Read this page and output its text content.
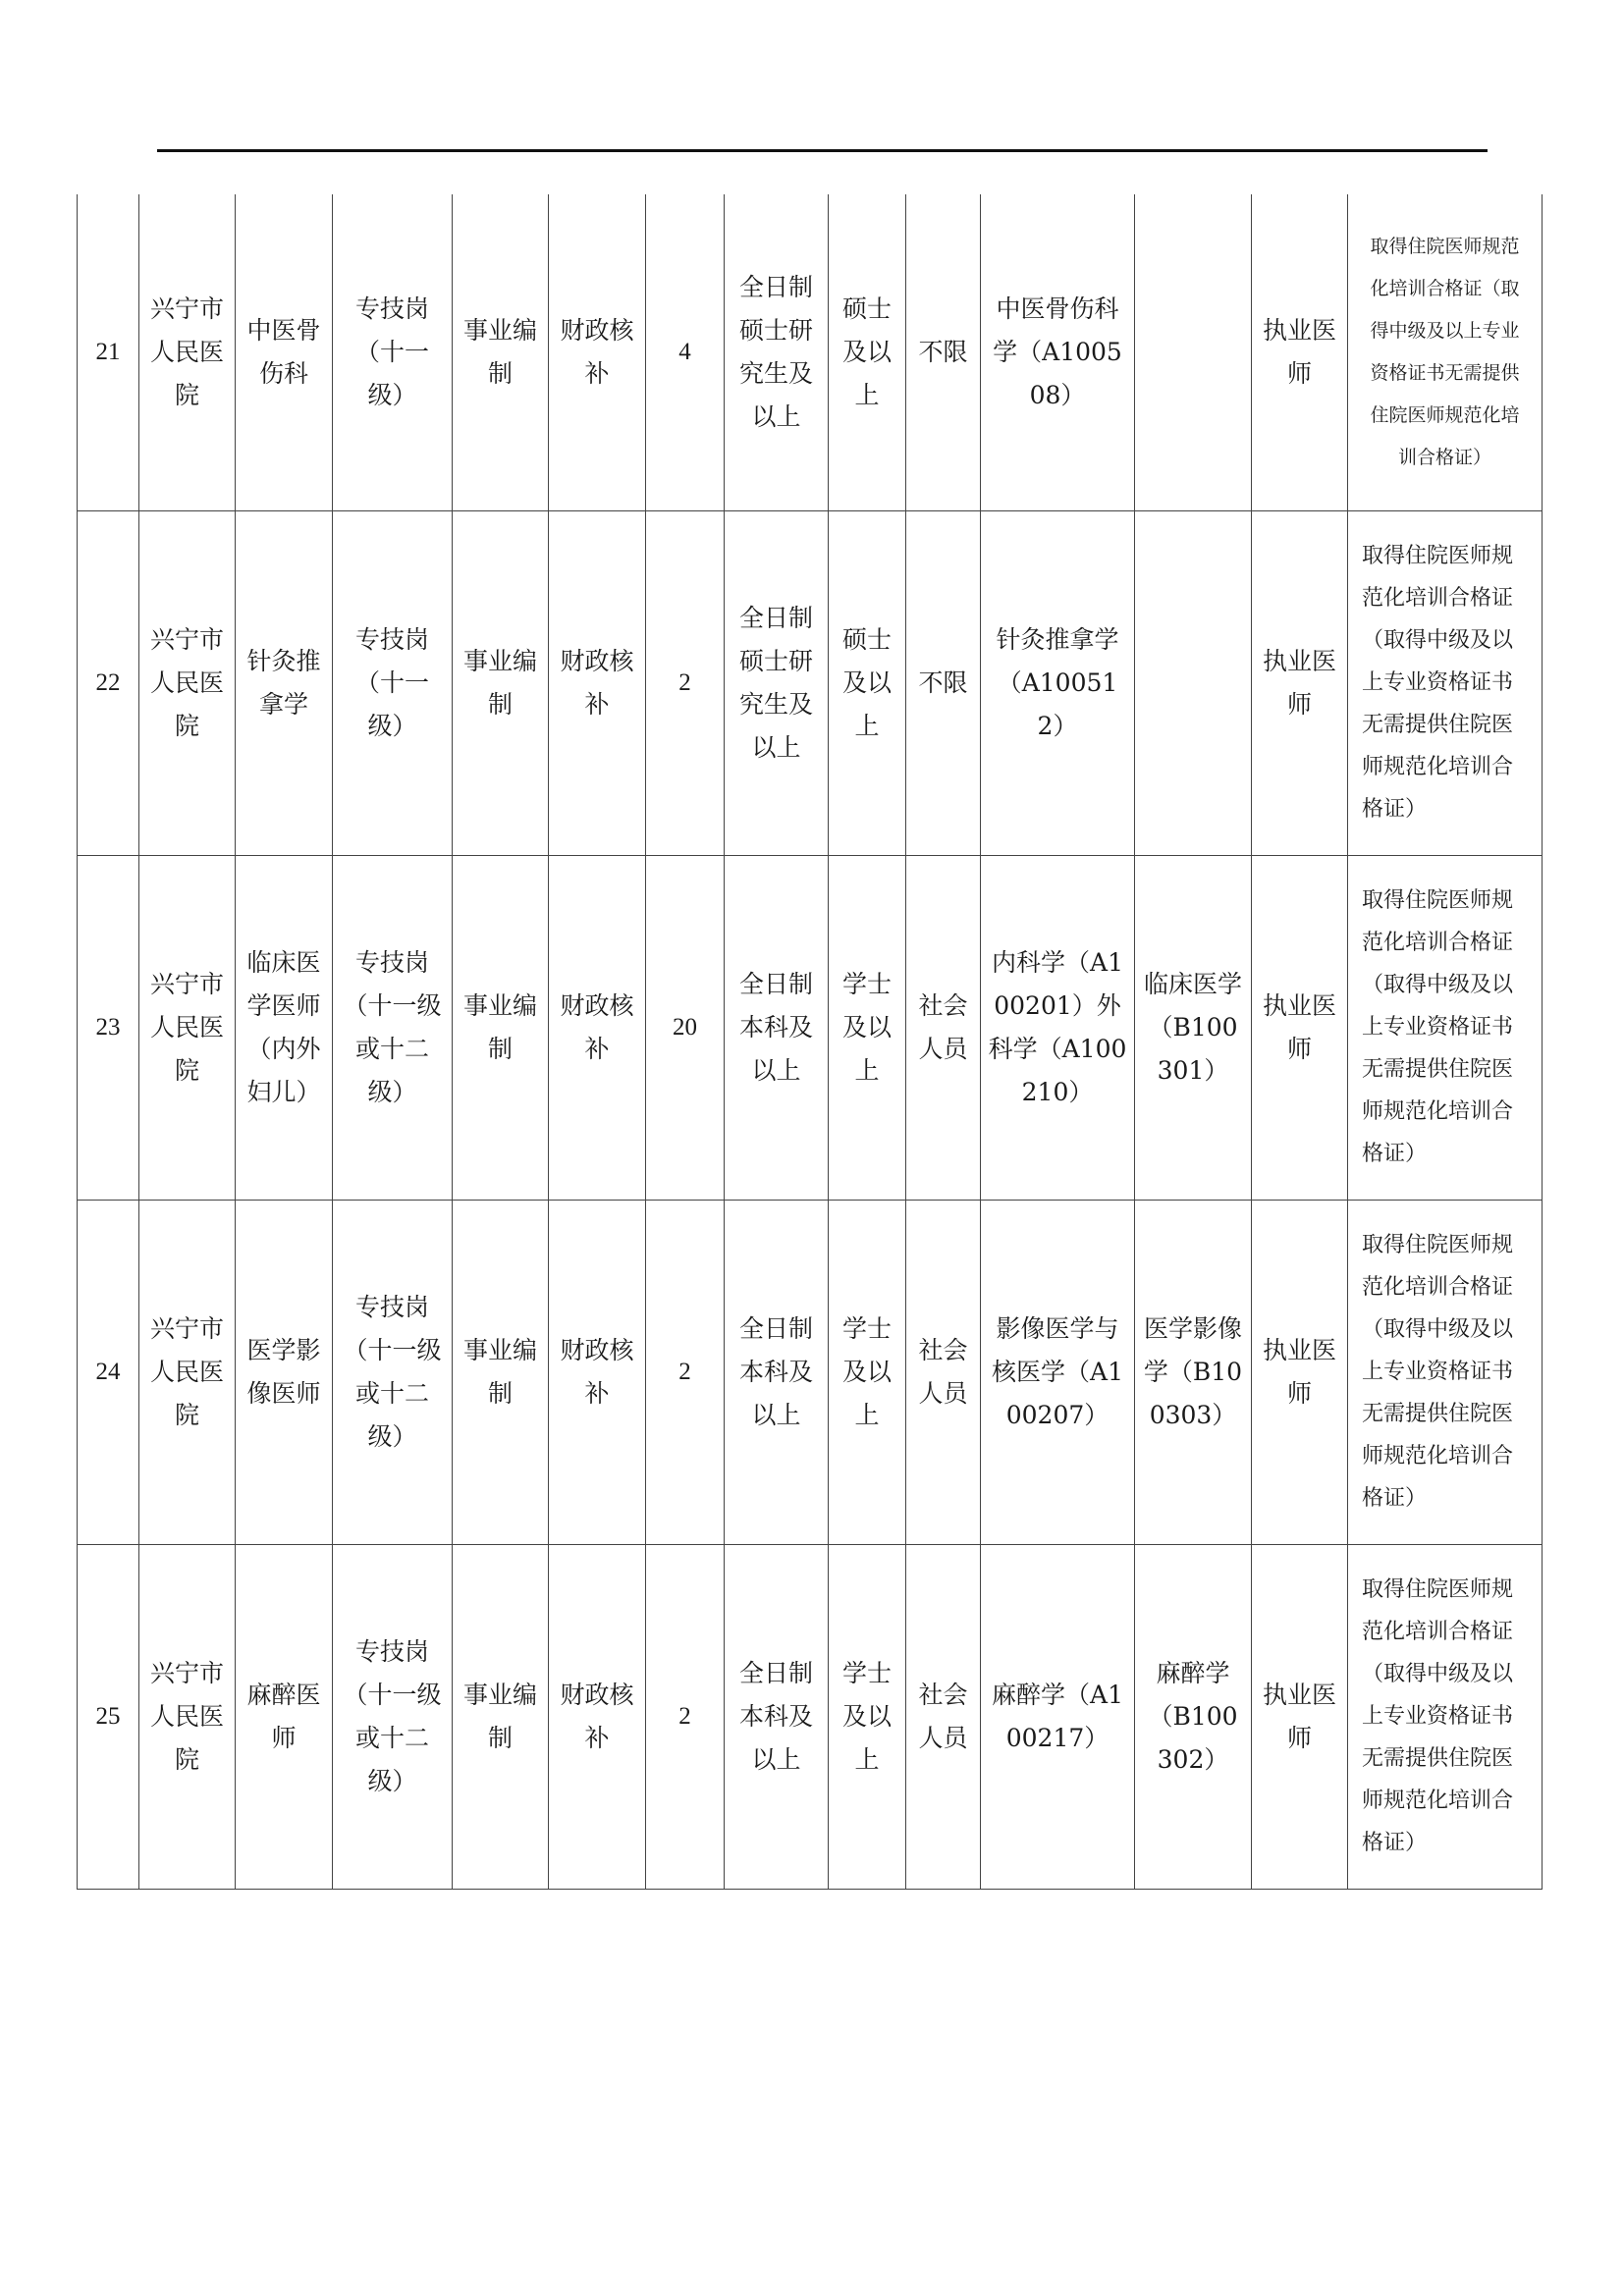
21	兴宁市人民医院	中医骨伤科	专技岗（十一级）	事业编制	财政核补	4	全日制硕士研究生及以上	硕士及以上	不限	中医骨伤科学（A100508）		执业医师	取得住院医师规范化培训合格证（取得中级及以上专业资格证书无需提供住院医师规范化培训合格证）
22	兴宁市人民医院	针灸推拿学	专技岗（十一级）	事业编制	财政核补	2	全日制硕士研究生及以上	硕士及以上	不限	针灸推拿学（A100512）		执业医师	取得住院医师规范化培训合格证（取得中级及以上专业资格证书无需提供住院医师规范化培训合格证）
23	兴宁市人民医院	临床医学医师（内外妇儿）	专技岗（十一级或十二级）	事业编制	财政核补	20	全日制本科及以上	学士及以上	社会人员	内科学（A100201）外科学（A100210）	临床医学（B100301）	执业医师	取得住院医师规范化培训合格证（取得中级及以上专业资格证书无需提供住院医师规范化培训合格证）
24	兴宁市人民医院	医学影像医师	专技岗（十一级或十二级）	事业编制	财政核补	2	全日制本科及以上	学士及以上	社会人员	影像医学与核医学（A100207）	医学影像学（B100303）	执业医师	取得住院医师规范化培训合格证（取得中级及以上专业资格证书无需提供住院医师规范化培训合格证）
25	兴宁市人民医院	麻醉医师	专技岗（十一级或十二级）	事业编制	财政核补	2	全日制本科及以上	学士及以上	社会人员	麻醉学（A100217）	麻醉学（B100302）	执业医师	取得住院医师规范化培训合格证（取得中级及以上专业资格证书无需提供住院医师规范化培训合格证）
